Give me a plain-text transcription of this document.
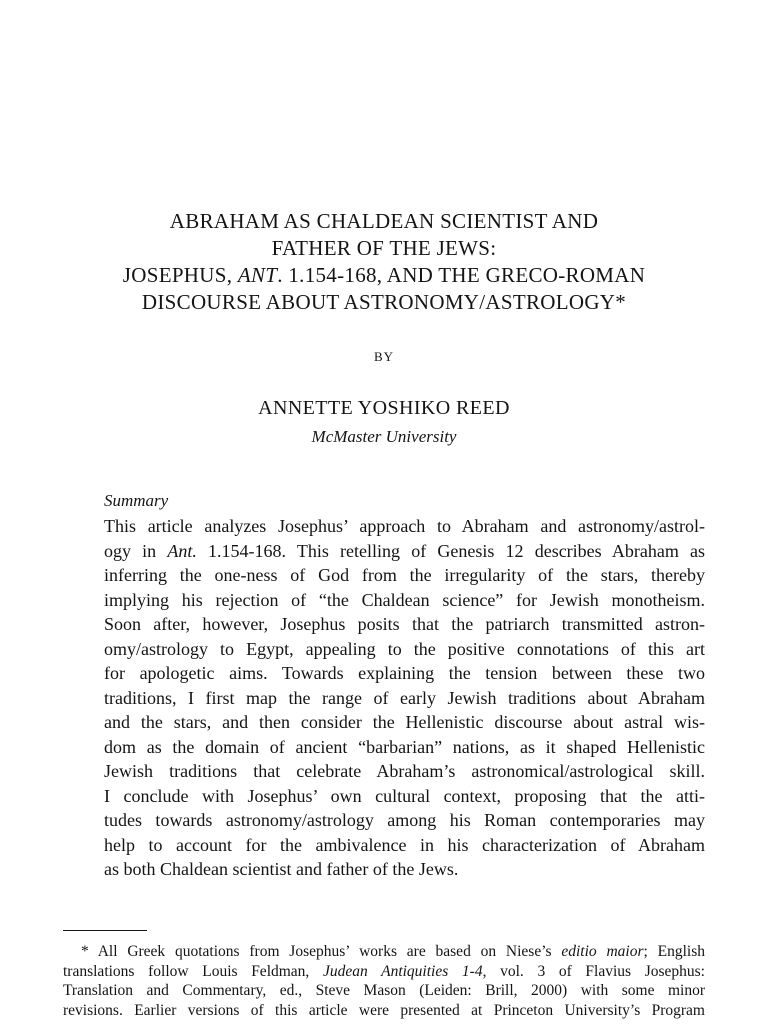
ABRAHAM AS CHALDEAN SCIENTIST AND
FATHER OF THE JEWS:
JOSEPHUS, ANT. 1.154-168, AND THE GRECO-ROMAN
DISCOURSE ABOUT ASTRONOMY/ASTROLOGY*
BY
ANNETTE YOSHIKO REED
McMaster University
Summary
This article analyzes Josephus’ approach to Abraham and astronomy/astrol-
ogy in Ant. 1.154-168. This retelling of Genesis 12 describes Abraham as
inferring the one-ness of God from the irregularity of the stars, thereby
implying his rejection of “the Chaldean science” for Jewish monotheism.
Soon after, however, Josephus posits that the patriarch transmitted astron-
omy/astrology to Egypt, appealing to the positive connotations of this art
for apologetic aims. Towards explaining the tension between these two
traditions, I first map the range of early Jewish traditions about Abraham
and the stars, and then consider the Hellenistic discourse about astral wis-
dom as the domain of ancient “barbarian” nations, as it shaped Hellenistic
Jewish traditions that celebrate Abraham’s astronomical/astrological skill.
I conclude with Josephus’ own cultural context, proposing that the atti-
tudes towards astronomy/astrology among his Roman contemporaries may
help to account for the ambivalence in his characterization of Abraham
as both Chaldean scientist and father of the Jews.
* All Greek quotations from Josephus’ works are based on Niese’s editio maior; English
translations follow Louis Feldman, Judean Antiquities 1-4, vol. 3 of Flavius Josephus:
Translation and Commentary, ed., Steve Mason (Leiden: Brill, 2000) with some minor
revisions. Earlier versions of this article were presented at Princeton University’s Program
